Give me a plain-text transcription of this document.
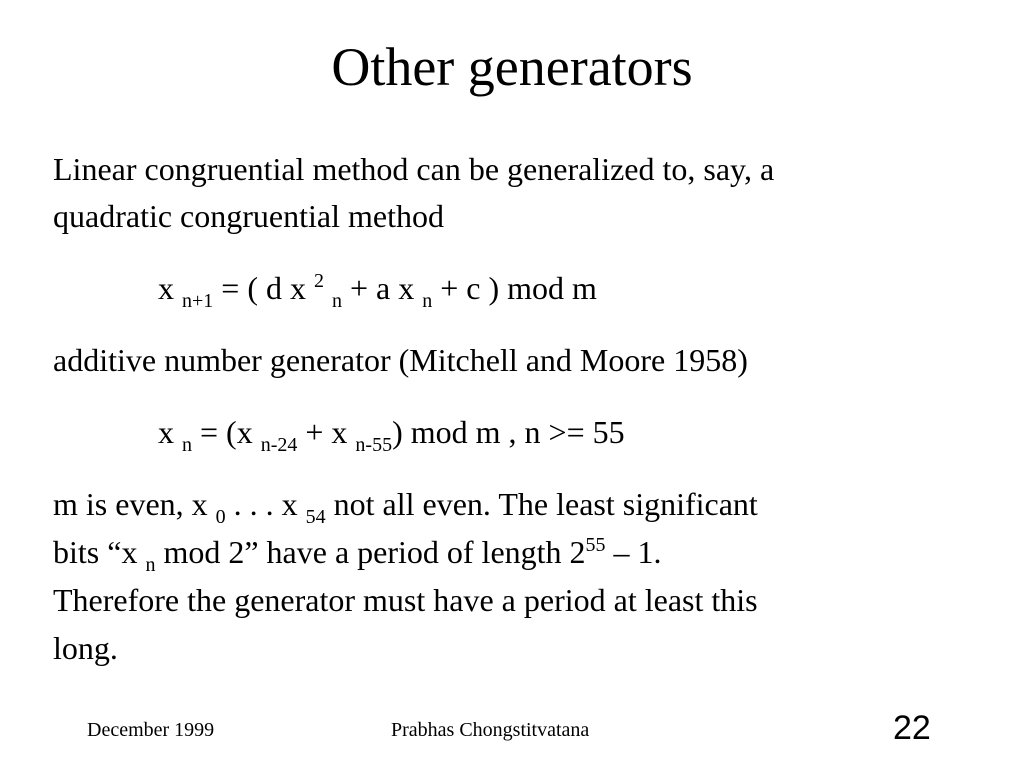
Other generators
Linear congruential method can be generalized to, say, a
quadratic congruential method
x $_{n+1}$ = ( d x $^2$ $_n$ + a x $_n$ + c ) mod m
additive number generator (Mitchell and Moore 1958)
x $_n$ = (x $_{n-24}$ + x $_{n-55}$) mod m , n >= 55
m is even, x $_0$ . . . x $_{54}$ not all even. The least significant
bits “x $_n$ mod 2” have a period of length $2^{55} - 1$.
Therefore the generator must have a period at least this
long.
December 1999	Prabhas Chongstitvatana	22
